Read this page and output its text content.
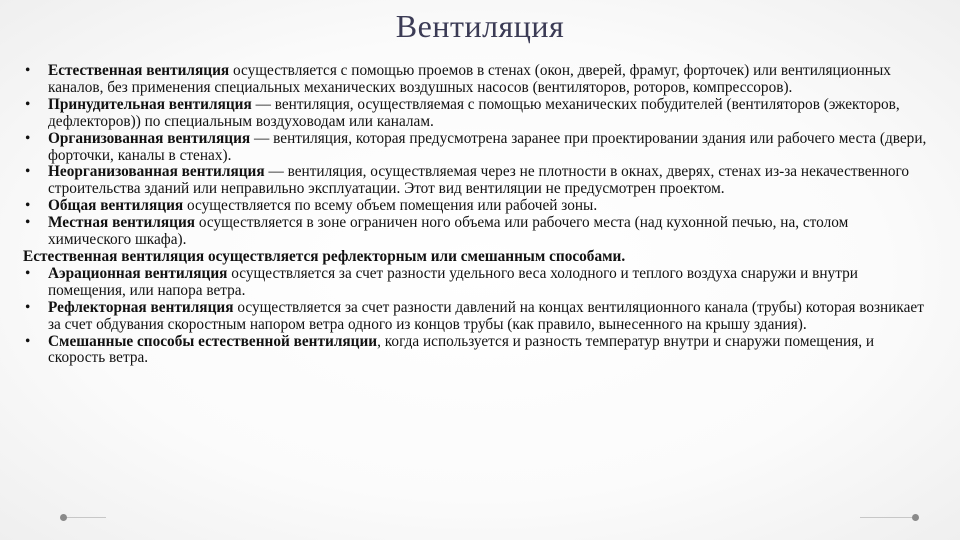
Вентиляция

• Естественная вентиляция осуществляется с помощью проемов в стенах (окон, дверей, фрамуг, форточек) или вентиляционных каналов, без применения специальных механических воздушных насосов (вентиляторов, роторов, компрессоров).

• Принудительная вентиляция — вентиляция, осуществляемая с помощью механических побудителей (вентиляторов (эжекторов, дефлекторов)) по специальным воздуховодам или каналам.

• Организованная вентиляция — вентиляция, которая предусмотрена заранее при проектировании здания или рабочего места (двери, форточки, каналы в стенах).

• Неорганизованная вентиляция — вентиляция, осуществляемая через не плотности в окнах, дверях, стенах из-за некачественного строительства зданий или неправильно эксплуатации. Этот вид вентиляции не предусмотрен проектом.

• Общая вентиляция осуществляется по всему объем помещения или рабочей зоны.

• Местная вентиляция осуществляется в зоне ограничен ного объема или рабочего места (над кухонной печью, на, столом химического шкафа).

Естественная вентиляция осуществляется рефлекторным или смешанным способами.

• Аэрационная вентиляция осуществляется за счет разности удельного веса холодного и теплого воздуха снаружи и внутри помещения, или напора ветра.

• Рефлекторная вентиляция осуществляется за счет разности давлений на концах вентиляционного канала (трубы) которая возникает за счет обдувания скоростным напором ветра одного из концов трубы (как правило, вынесенного на крышу здания).

• Смешанные способы естественной вентиляции, когда используется и разность температур внутри и снаружи помещения, и скорость ветра.
